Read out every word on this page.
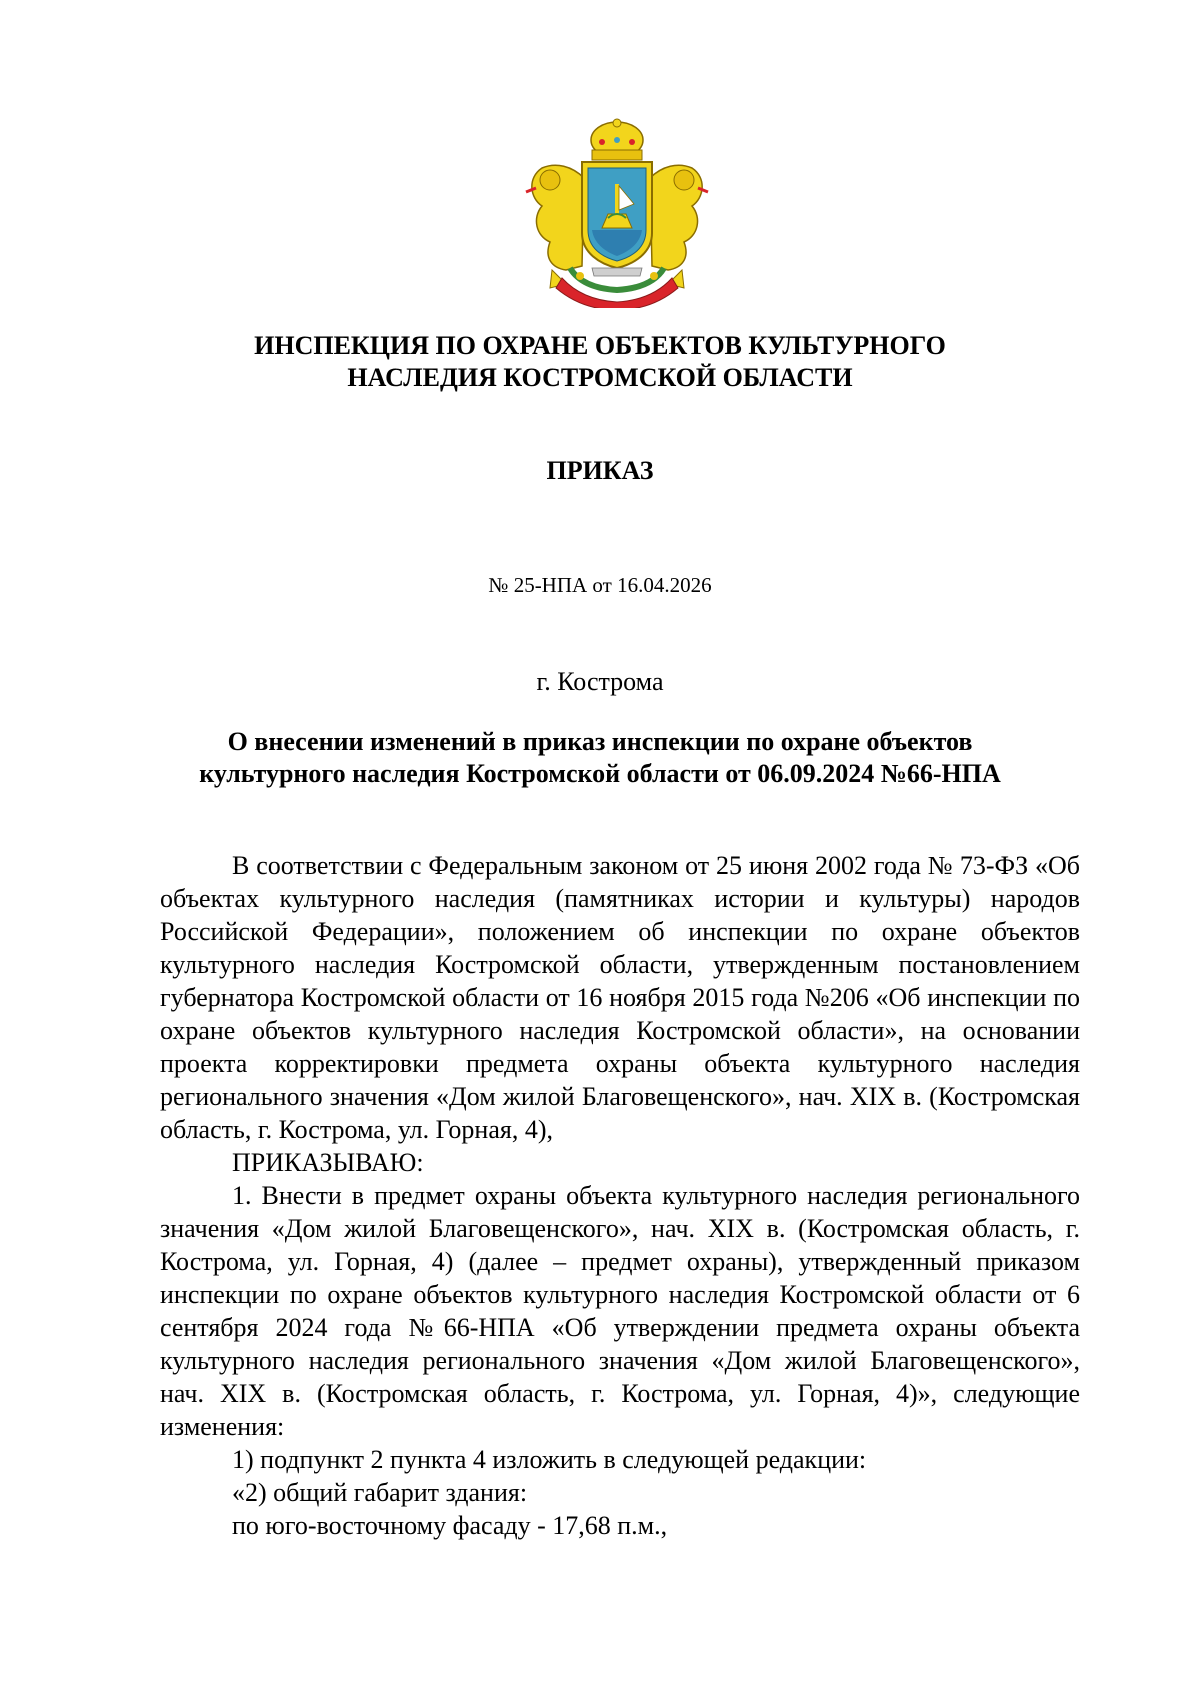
ИНСПЕКЦИЯ ПО ОХРАНЕ ОБЪЕКТОВ КУЛЬТУРНОГО
НАСЛЕДИЯ КОСТРОМСКОЙ ОБЛАСТИ
ПРИКАЗ
№ 25-НПА от 16.04.2026
г. Кострома
О внесении изменений в приказ инспекции по охране объектов
культурного наследия Костромской области от 06.09.2024 №66-НПА

В соответствии с Федеральным законом от 25 июня 2002 года № 73-ФЗ «Об объектах культурного наследия (памятниках истории и культуры) народов Российской Федерации», положением об инспекции по охране объектов культурного наследия Костромской области, утвержденным постановлением губернатора Костромской области от 16 ноября 2015 года №206 «Об инспекции по охране объектов культурного наследия Костромской области», на основании проекта корректировки предмета охраны объекта культурного наследия регионального значения «Дом жилой Благовещенского», нач. XIX в. (Костромская область, г. Кострома, ул. Горная, 4),

ПРИКАЗЫВАЮ:

1. Внести в предмет охраны объекта культурного наследия регионального значения «Дом жилой Благовещенского», нач. XIX в. (Костромская область, г. Кострома, ул. Горная, 4) (далее – предмет охраны), утвержденный приказом инспекции по охране объектов культурного наследия Костромской области от 6 сентября 2024 года №66-НПА «Об утверждении предмета охраны объекта культурного наследия регионального значения «Дом жилой Благовещенского», нач. XIX в. (Костромская область, г. Кострома, ул. Горная, 4)», следующие изменения:

1) подпункт 2 пункта 4 изложить в следующей редакции:

«2) общий габарит здания:

по юго-восточному фасаду - 17,68 п.м.,
